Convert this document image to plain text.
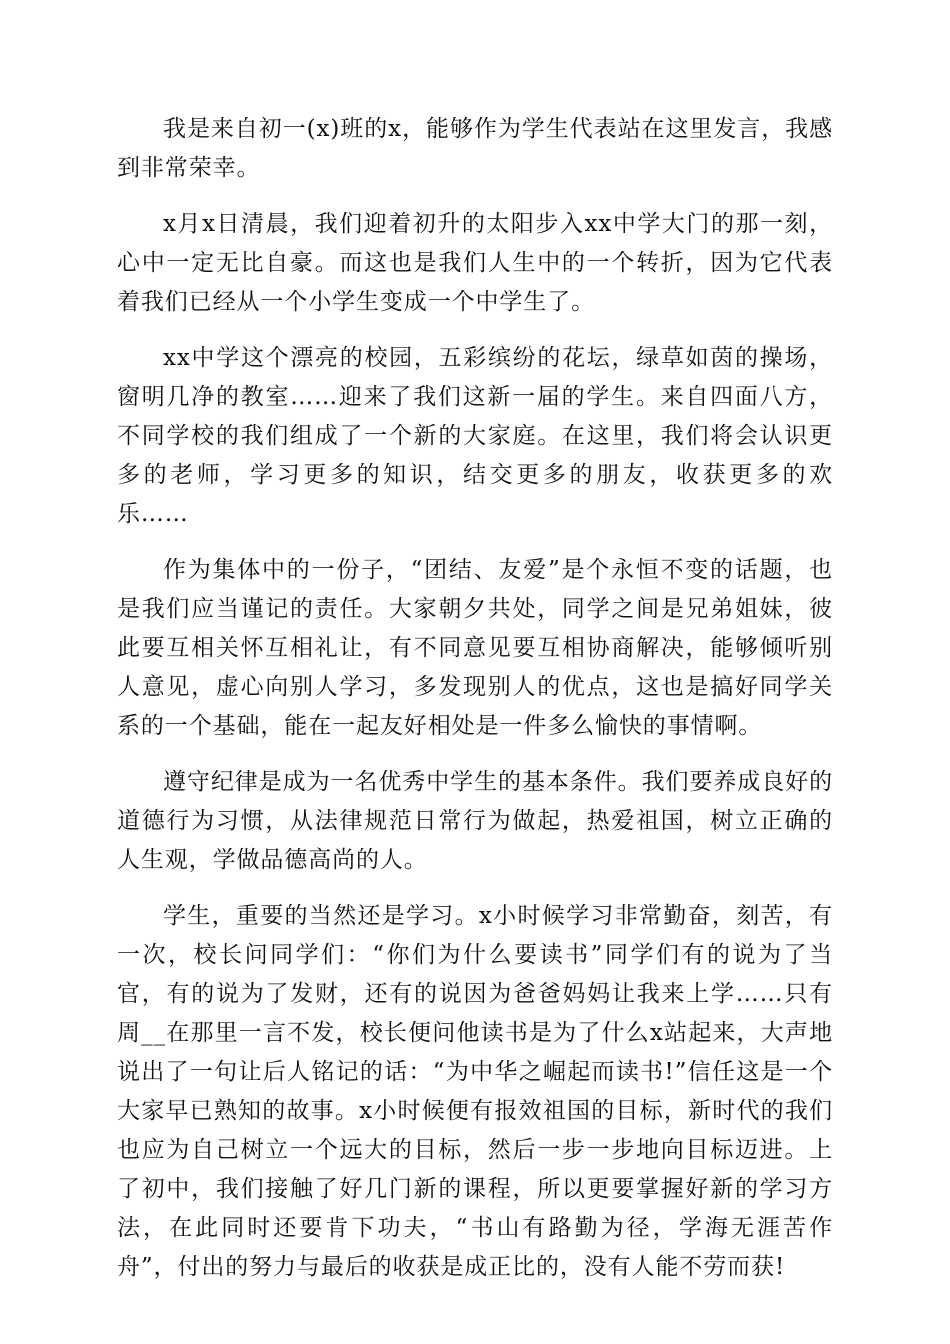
我是来自初一(x)班的x，能够作为学生代表站在这里发言，我感到非常荣幸。

x月x日清晨，我们迎着初升的太阳步入xx中学大门的那一刻，心中一定无比自豪。而这也是我们人生中的一个转折，因为它代表着我们已经从一个小学生变成一个中学生了。

xx中学这个漂亮的校园，五彩缤纷的花坛，绿草如茵的操场，窗明几净的教室……迎来了我们这新一届的学生。来自四面八方，不同学校的我们组成了一个新的大家庭。在这里，我们将会认识更多的老师，学习更多的知识，结交更多的朋友，收获更多的欢乐……

作为集体中的一份子，“团结、友爱”是个永恒不变的话题，也是我们应当谨记的责任。大家朝夕共处，同学之间是兄弟姐妹，彼此要互相关怀互相礼让，有不同意见要互相协商解决，能够倾听别人意见，虚心向别人学习，多发现别人的优点，这也是搞好同学关系的一个基础，能在一起友好相处是一件多么愉快的事情啊。

遵守纪律是成为一名优秀中学生的基本条件。我们要养成良好的道德行为习惯，从法律规范日常行为做起，热爱祖国，树立正确的人生观，学做品德高尚的人。

学生，重要的当然还是学习。x小时候学习非常勤奋，刻苦，有一次，校长问同学们：“你们为什么要读书”同学们有的说为了当官，有的说为了发财，还有的说因为爸爸妈妈让我来上学……只有周__在那里一言不发，校长便问他读书是为了什么x站起来，大声地说出了一句让后人铭记的话：“为中华之崛起而读书!”信任这是一个大家早已熟知的故事。x小时候便有报效祖国的目标，新时代的我们也应为自己树立一个远大的目标，然后一步一步地向目标迈进。上了初中，我们接触了好几门新的课程，所以更要掌握好新的学习方法，在此同时还要肯下功夫，“书山有路勤为径，学海无涯苦作舟”，付出的努力与最后的收获是成正比的，没有人能不劳而获!
